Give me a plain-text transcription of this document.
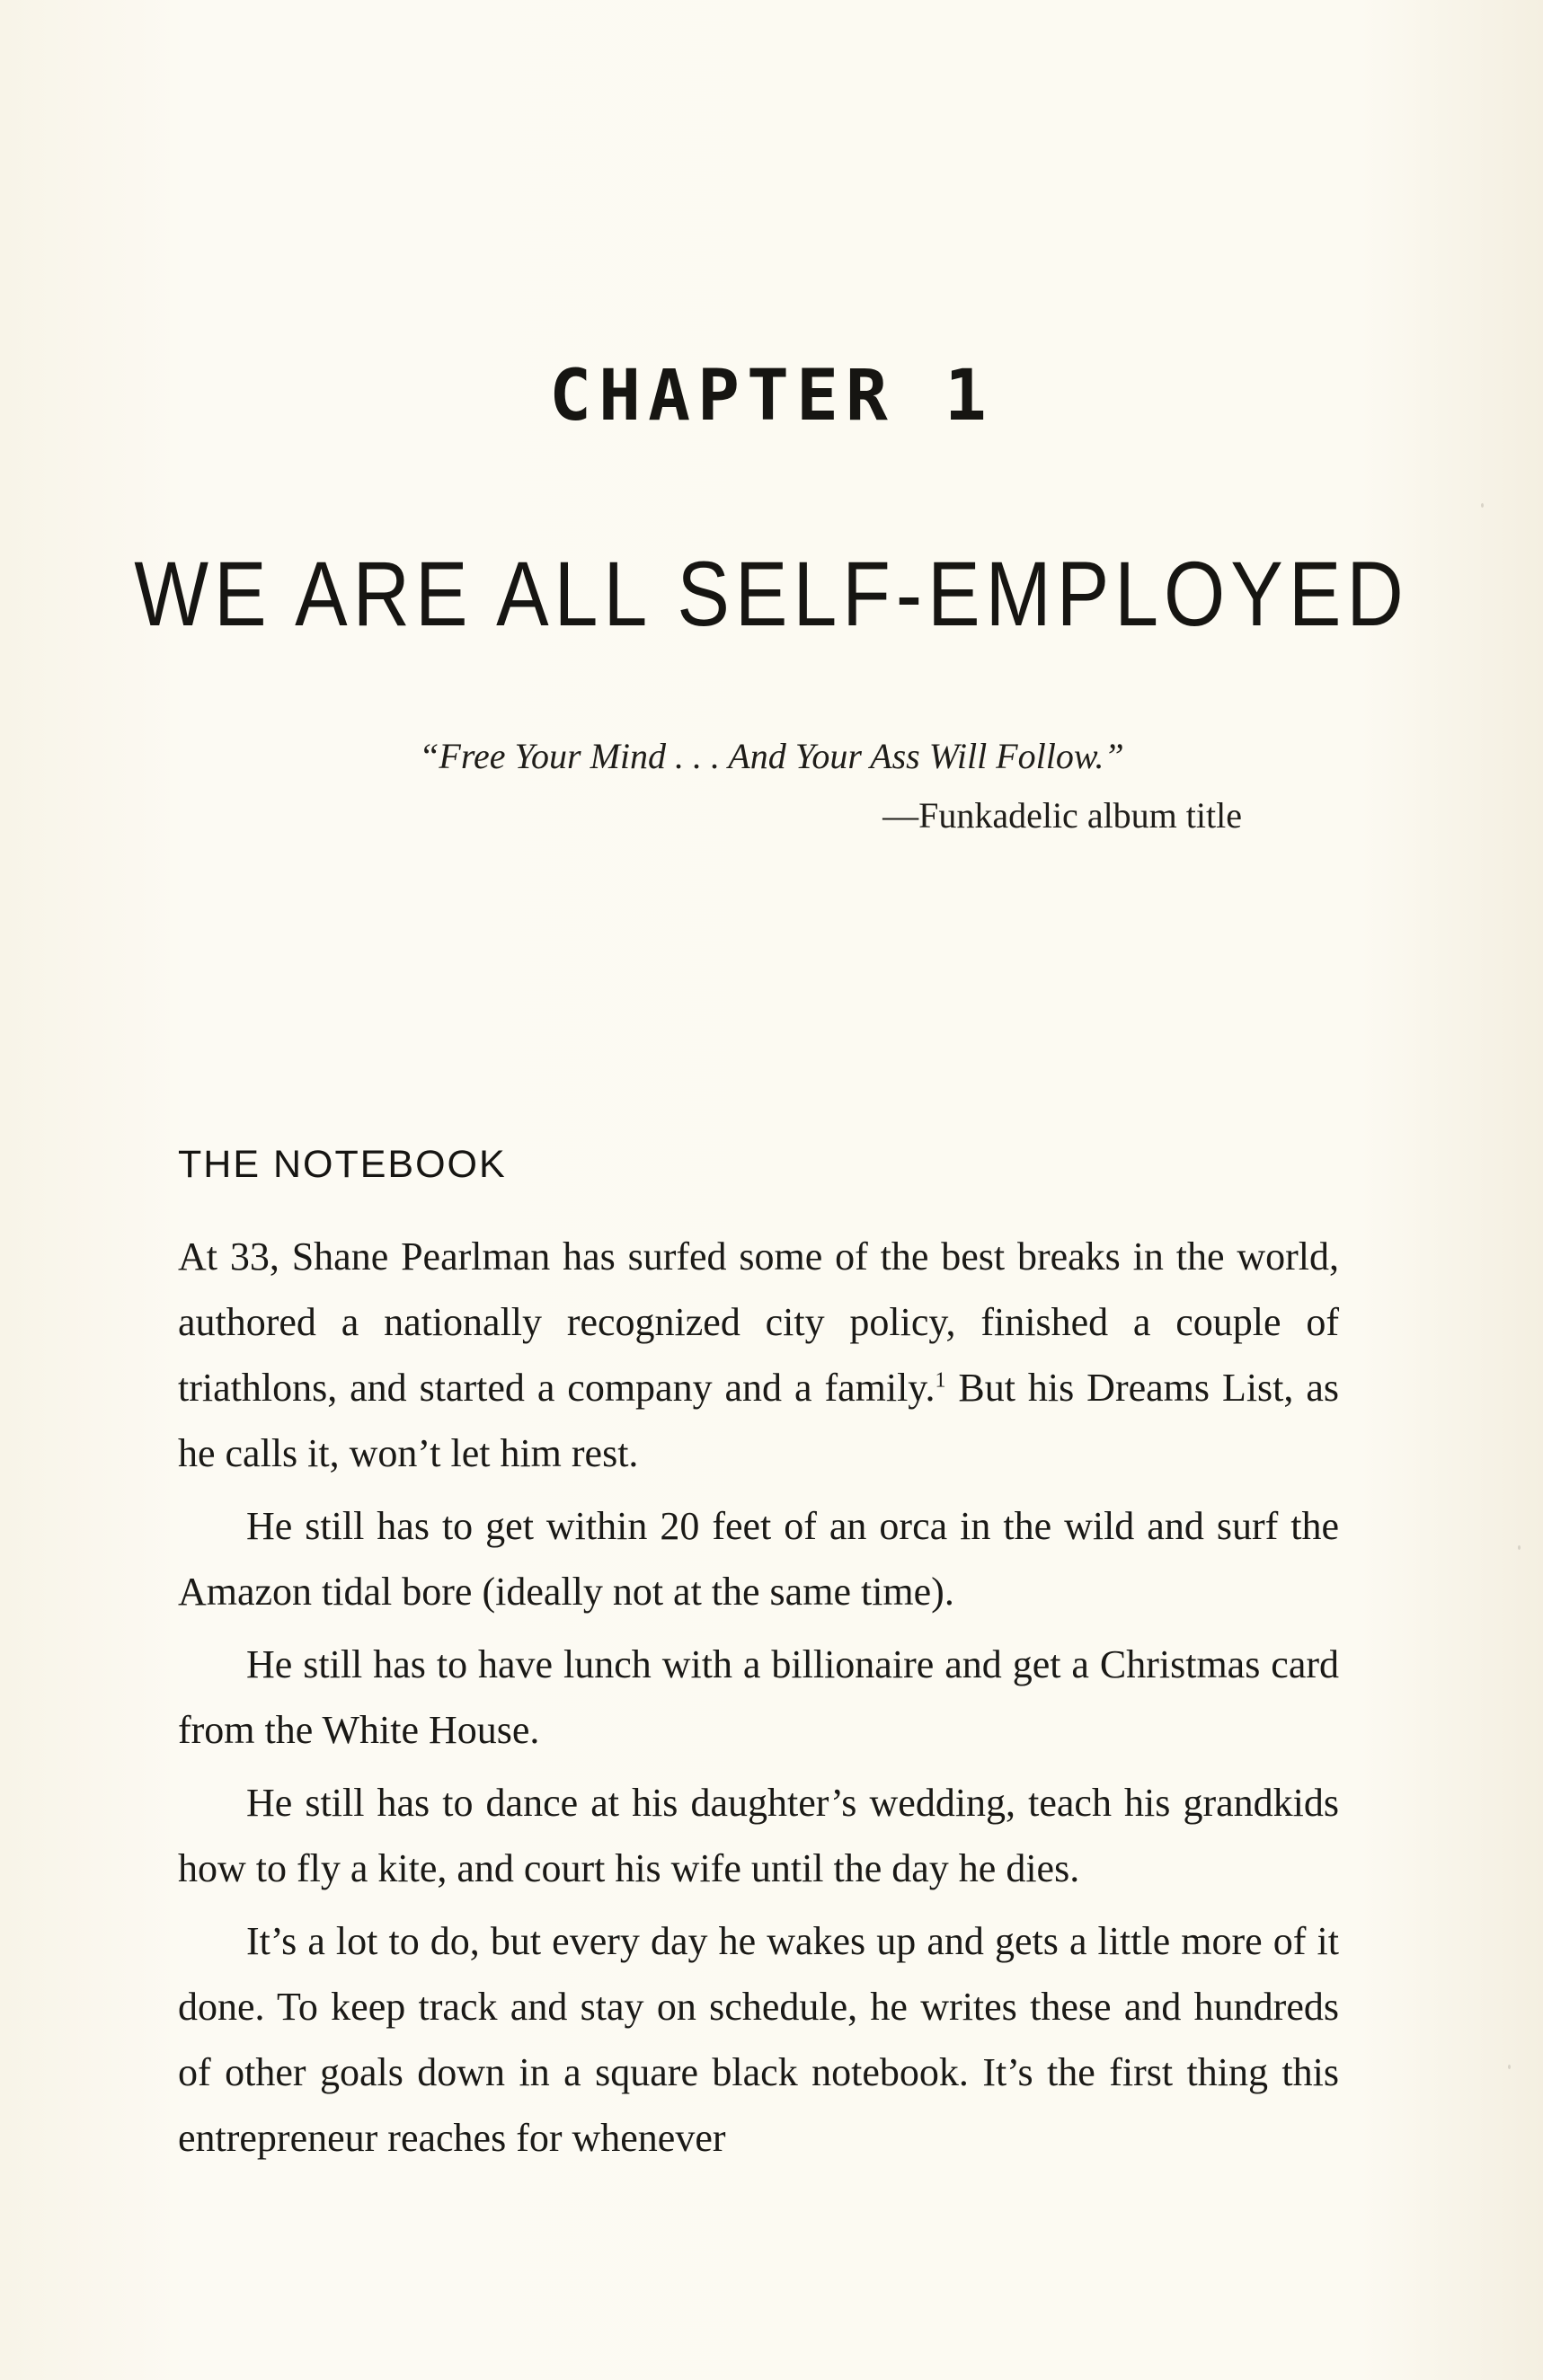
CHAPTER 1
WE ARE ALL SELF-EMPLOYED
“Free Your Mind . . . And Your Ass Will Follow.”
—Funkadelic album title
THE NOTEBOOK

At 33, Shane Pearlman has surfed some of the best breaks in the world, authored a nationally recognized city policy, finished a couple of triathlons, and started a company and a family.$^1$ But his Dreams List, as he calls it, won’t let him rest.

He still has to get within 20 feet of an orca in the wild and surf the Amazon tidal bore (ideally not at the same time).

He still has to have lunch with a billionaire and get a Christmas card from the White House.

He still has to dance at his daughter’s wedding, teach his grandkids how to fly a kite, and court his wife until the day he dies.

It’s a lot to do, but every day he wakes up and gets a little more of it done. To keep track and stay on schedule, he writes these and hundreds of other goals down in a square black notebook. It’s the first thing this entrepreneur reaches for whenever
